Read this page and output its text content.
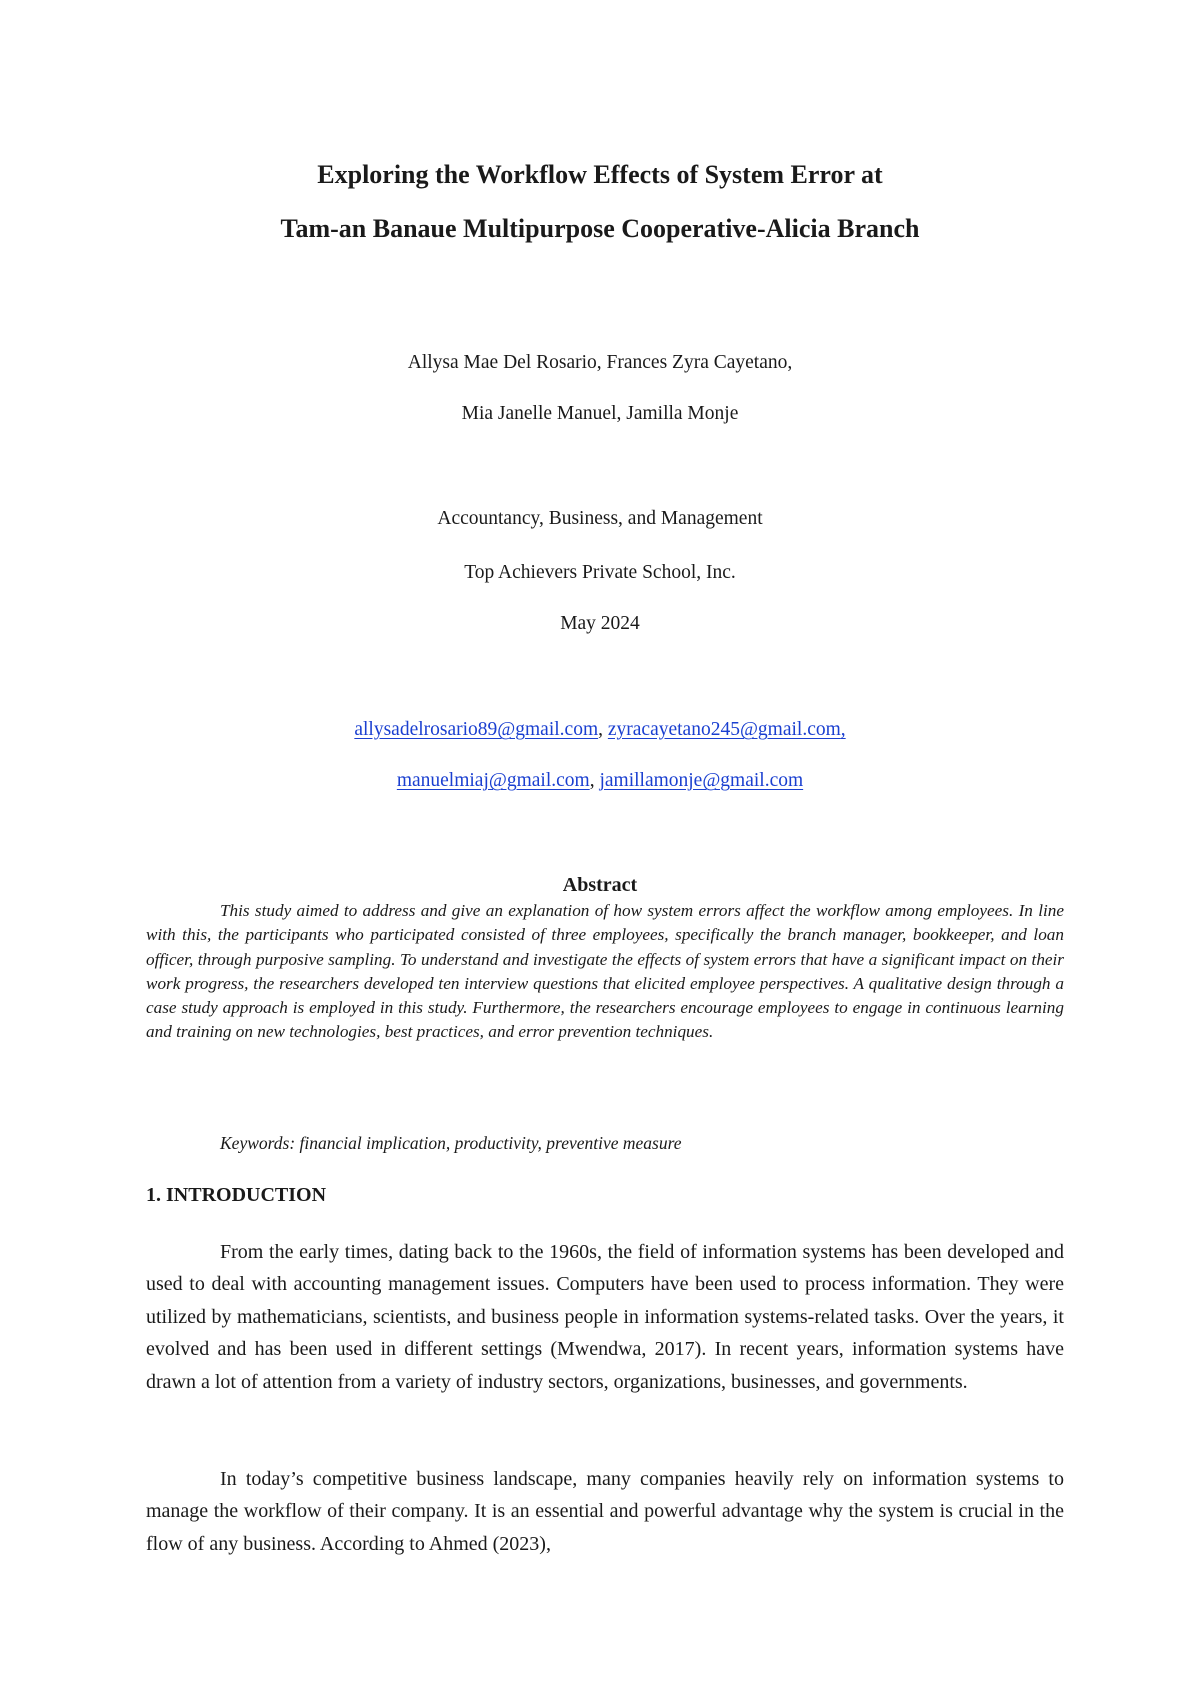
Exploring the Workflow Effects of System Error at
Tam-an Banaue Multipurpose Cooperative-Alicia Branch
Allysa Mae Del Rosario, Frances Zyra Cayetano,
Mia Janelle Manuel, Jamilla Monje
Accountancy, Business, and Management
Top Achievers Private School, Inc.
May 2024
allysadelrosario89@gmail.com, zyracayetano245@gmail.com,
manuelmiaj@gmail.com, jamillamonje@gmail.com
Abstract
This study aimed to address and give an explanation of how system errors affect the workflow among employees. In line with this, the participants who participated consisted of three employees, specifically the branch manager, bookkeeper, and loan officer, through purposive sampling. To understand and investigate the effects of system errors that have a significant impact on their work progress, the researchers developed ten interview questions that elicited employee perspectives. A qualitative design through a case study approach is employed in this study. Furthermore, the researchers encourage employees to engage in continuous learning and training on new technologies, best practices, and error prevention techniques.
Keywords: financial implication, productivity, preventive measure
1. INTRODUCTION
From the early times, dating back to the 1960s, the field of information systems has been developed and used to deal with accounting management issues. Computers have been used to process information. They were utilized by mathematicians, scientists, and business people in information systems-related tasks. Over the years, it evolved and has been used in different settings (Mwendwa, 2017). In recent years, information systems have drawn a lot of attention from a variety of industry sectors, organizations, businesses, and governments.
In today’s competitive business landscape, many companies heavily rely on information systems to manage the workflow of their company. It is an essential and powerful advantage why the system is crucial in the flow of any business. According to Ahmed (2023),
